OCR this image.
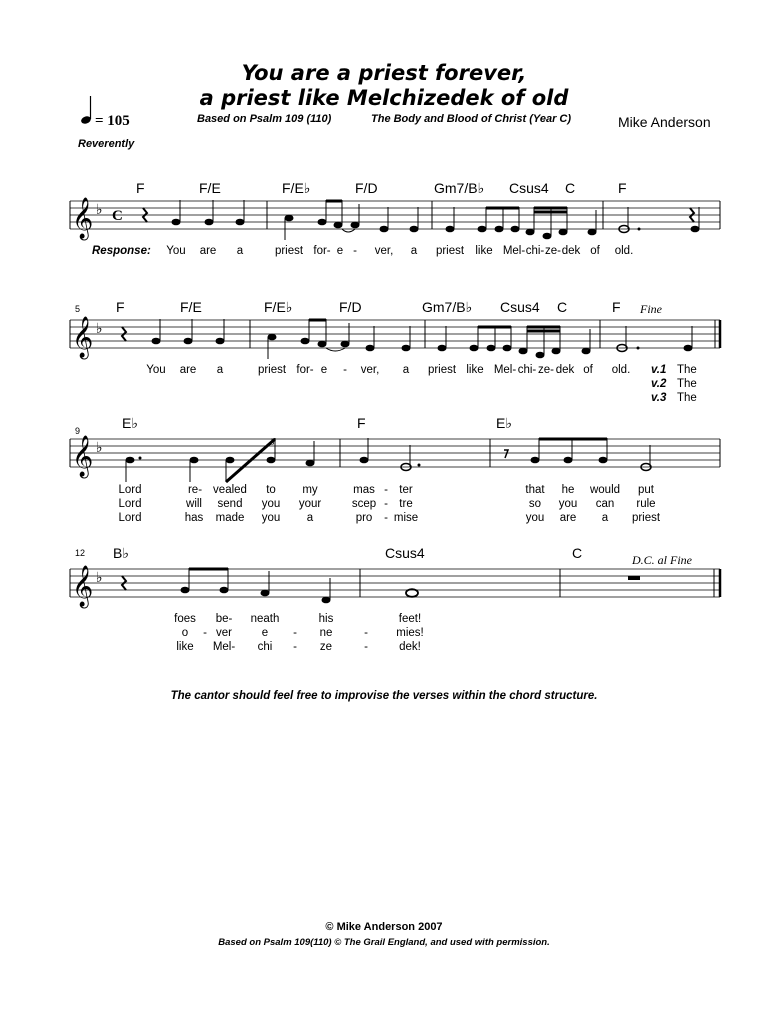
You are a priest forever,
a priest like Melchizedek of old
Based on Psalm 109 (110)	The Body and Blood of Christ (Year C)	Mike Anderson
= 105
Reverently
F	F/E	F/E♭	F/D	Gm7/B♭ Csus4 C	F
5	F	F/E	F/E♭	F/D	Gm7/B♭ Csus4 C	F Fine
9	E♭	F	E♭
12 B♭	Csus4	C	D.C. al Fine
𝄞 ♭
𝄞 ♭
𝄞 ♭
𝄞 ♭
C
3
Response: You are a	priest for- e - ver, a priest like Mel- chi- ze- dek of old.
You are a	priest for- e - ver, a priest like Mel- chi- ze- dek of old. v.1 The
v.2 The
v.3 The
Lord	re- vealed to my	mas - ter	that he would put
Lord	will send you your	scep - tre	so you can rule
Lord	has made you a	pro - mise	you are a priest
foes be- neath	his	feet!
o - ver	e - ne	- mies!
like Mel- chi - ze	-	dek!
The cantor should feel free to improvise the verses within the chord structure.
© Mike Anderson 2007
Based on Psalm 109(110) © The Grail England, and used with permission.
